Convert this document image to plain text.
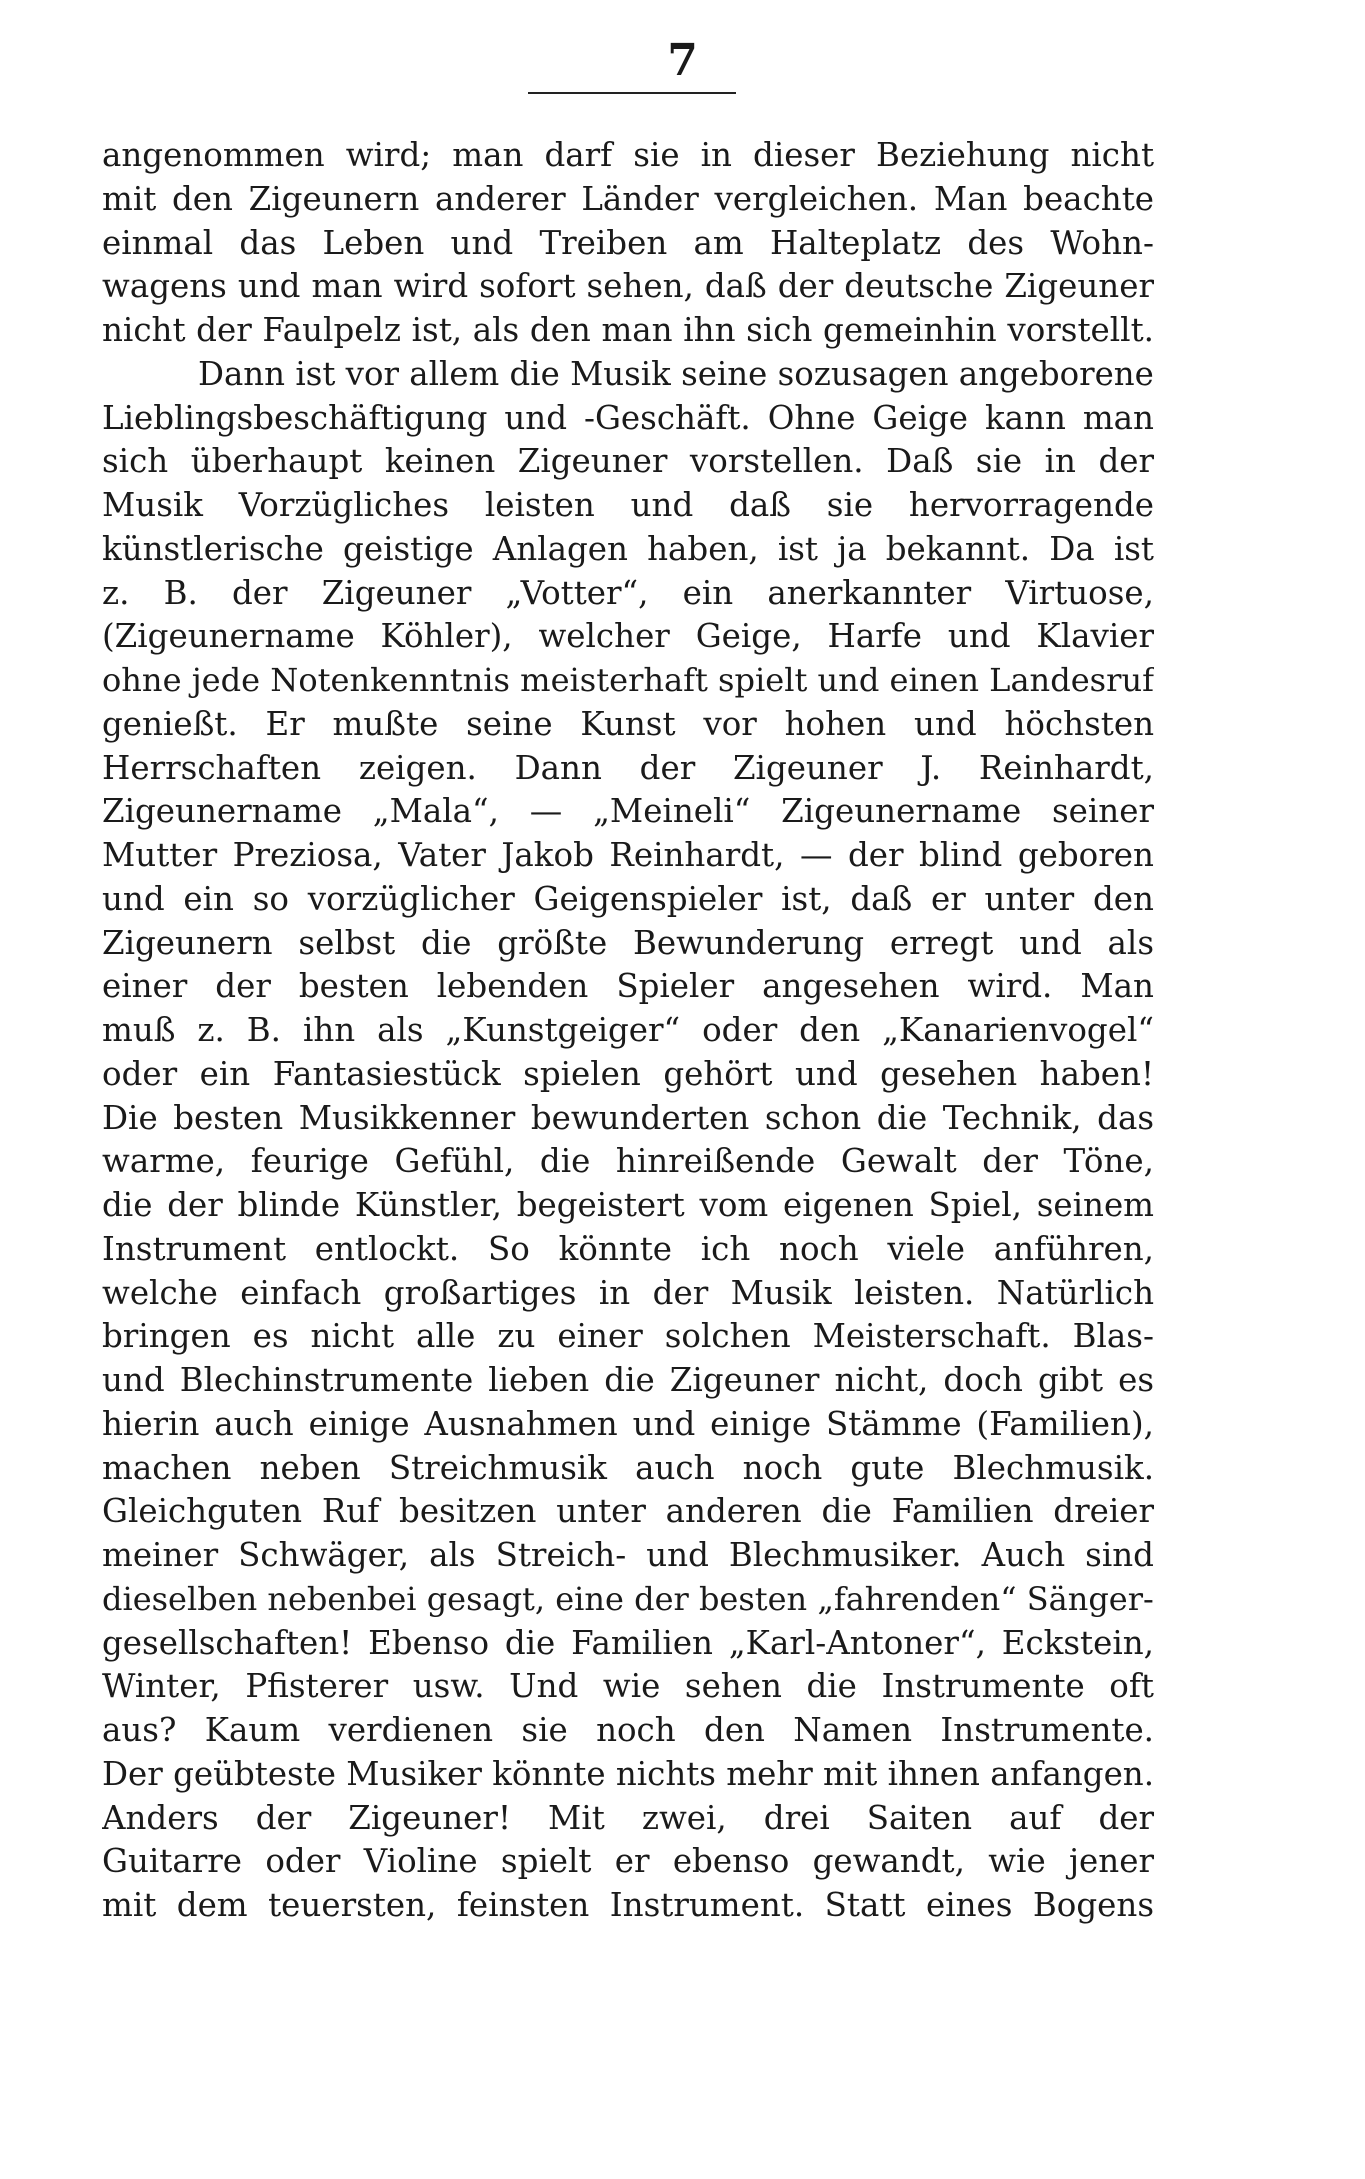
7
angenommen wird; man darf sie in dieser Beziehung nicht
mit den Zigeunern anderer Länder vergleichen. Man beachte
einmal das Leben und Treiben am Halteplatz des Wohn-
wagens und man wird sofort sehen, daß der deutsche Zigeuner
nicht der Faulpelz ist, als den man ihn sich gemeinhin vorstellt.
Dann ist vor allem die Musik seine sozusagen angeborene
Lieblingsbeschäftigung und -Geschäft. Ohne Geige kann man
sich überhaupt keinen Zigeuner vorstellen. Daß sie in der
Musik Vorzügliches leisten und daß sie hervorragende
künstlerische geistige Anlagen haben, ist ja bekannt. Da ist
z. B. der Zigeuner „Votter“, ein anerkannter Virtuose,
(Zigeunername Köhler), welcher Geige, Harfe und Klavier
ohne jede Notenkenntnis meisterhaft spielt und einen Landesruf
genießt. Er mußte seine Kunst vor hohen und höchsten
Herrschaften zeigen. Dann der Zigeuner J. Reinhardt,
Zigeunername „Mala“, — „Meineli“ Zigeunername seiner
Mutter Preziosa, Vater Jakob Reinhardt, — der blind geboren
und ein so vorzüglicher Geigenspieler ist, daß er unter den
Zigeunern selbst die größte Bewunderung erregt und als
einer der besten lebenden Spieler angesehen wird. Man
muß z. B. ihn als „Kunstgeiger“ oder den „Kanarienvogel“
oder ein Fantasiestück spielen gehört und gesehen haben!
Die besten Musikkenner bewunderten schon die Technik, das
warme, feurige Gefühl, die hinreißende Gewalt der Töne,
die der blinde Künstler, begeistert vom eigenen Spiel, seinem
Instrument entlockt. So könnte ich noch viele anführen,
welche einfach großartiges in der Musik leisten. Natürlich
bringen es nicht alle zu einer solchen Meisterschaft. Blas-
und Blechinstrumente lieben die Zigeuner nicht, doch gibt es
hierin auch einige Ausnahmen und einige Stämme (Familien),
machen neben Streichmusik auch noch gute Blechmusik.
Gleichguten Ruf besitzen unter anderen die Familien dreier
meiner Schwäger, als Streich- und Blechmusiker. Auch sind
dieselben nebenbei gesagt, eine der besten „fahrenden“ Sänger-
gesellschaften! Ebenso die Familien „Karl-Antoner“, Eckstein,
Winter, Pfisterer usw. Und wie sehen die Instrumente oft
aus? Kaum verdienen sie noch den Namen Instrumente.
Der geübteste Musiker könnte nichts mehr mit ihnen anfangen.
Anders der Zigeuner! Mit zwei, drei Saiten auf der
Guitarre oder Violine spielt er ebenso gewandt, wie jener
mit dem teuersten, feinsten Instrument. Statt eines Bogens
